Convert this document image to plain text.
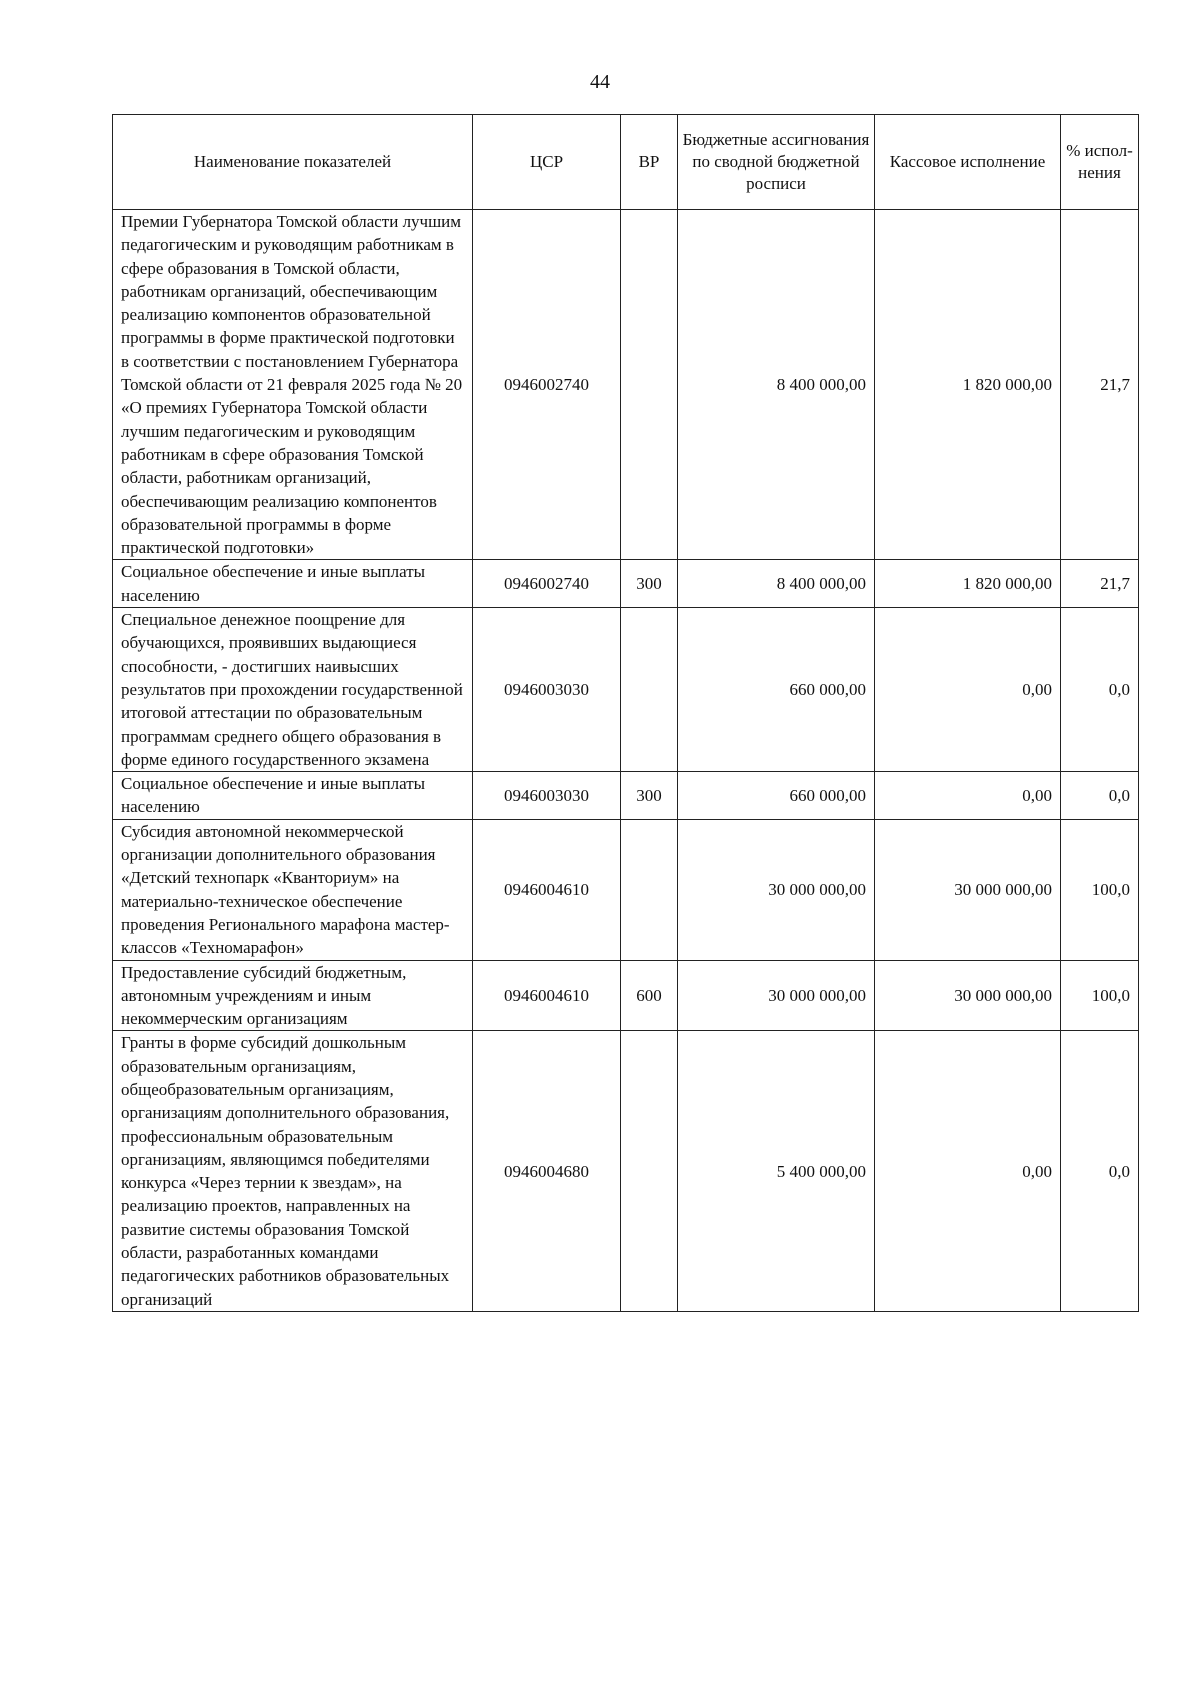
44
Наименование показателей	ЦСР	ВР	Бюджетные ассигнования по сводной бюджетной росписи	Кассовое исполнение	% испол-нения
Премии Губернатора Томской области лучшим педагогическим и руководящим работникам в сфере образования в Томской области, работникам организаций, обеспечивающим реализацию компонентов образовательной программы в форме практической подготовки в соответствии с постановлением Губернатора Томской области от 21 февраля 2025 года № 20 «О премиях Губернатора Томской области лучшим педагогическим и руководящим работникам в сфере образования Томской области, работникам организаций, обеспечивающим реализацию компонентов образовательной программы в форме практической подготовки»	0946002740		8 400 000,00	1 820 000,00	21,7
Социальное обеспечение и иные выплаты населению	0946002740	300	8 400 000,00	1 820 000,00	21,7
Специальное денежное поощрение для обучающихся, проявивших выдающиеся способности, - достигших наивысших результатов при прохождении государственной итоговой аттестации по образовательным программам среднего общего образования в форме единого государственного экзамена	0946003030		660 000,00	0,00	0,0
Социальное обеспечение и иные выплаты населению	0946003030	300	660 000,00	0,00	0,0
Субсидия автономной некоммерческой организации дополнительного образования «Детский технопарк «Кванториум» на материально-техническое обеспечение проведения Регионального марафона мастер-классов «Техномарафон»	0946004610		30 000 000,00	30 000 000,00	100,0
Предоставление субсидий бюджетным, автономным учреждениям и иным некоммерческим организациям	0946004610	600	30 000 000,00	30 000 000,00	100,0
Гранты в форме субсидий дошкольным образовательным организациям, общеобразовательным организациям, организациям дополнительного образования, профессиональным образовательным организациям, являющимся победителями конкурса «Через тернии к звездам», на реализацию проектов, направленных на развитие системы образования Томской области, разработанных командами педагогических работников образовательных организаций	0946004680		5 400 000,00	0,00	0,0
